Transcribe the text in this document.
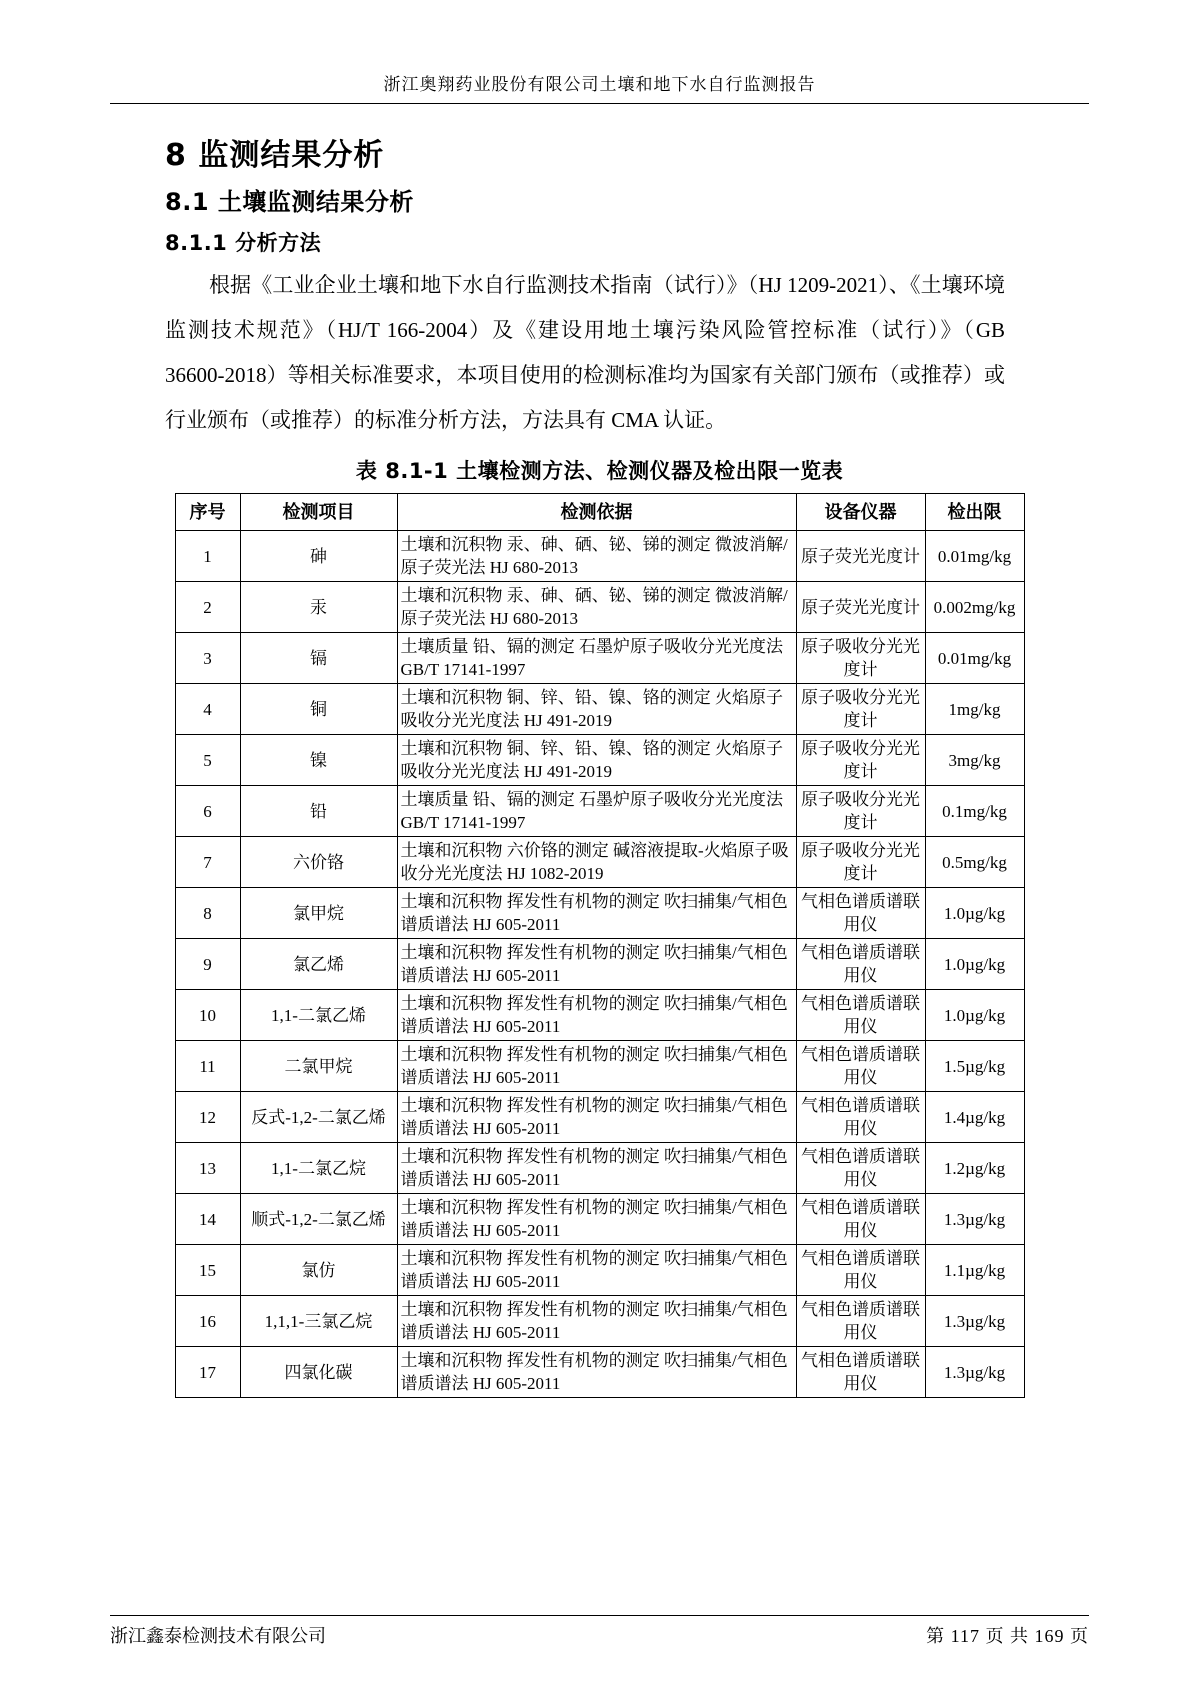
浙江奥翔药业股份有限公司土壤和地下水自行监测报告
8 监测结果分析
8.1 土壤监测结果分析
8.1.1 分析方法

根据《工业企业土壤和地下水自行监测技术指南（试行）》（HJ 1209-2021）、《土壤环境监测技术规范》（HJ/T 166-2004）及《建设用地土壤污染风险管控标准（试行）》（GB 36600-2018）等相关标准要求，本项目使用的检测标准均为国家有关部门颁布（或推荐）或行业颁布（或推荐）的标准分析方法，方法具有 CMA 认证。

表 8.1-1 土壤检测方法、检测仪器及检出限一览表
序号	检测项目	检测依据	设备仪器	检出限
1	砷	土壤和沉积物 汞、砷、硒、铋、锑的测定 微波消解/原子荧光法 HJ 680-2013	原子荧光光度计	0.01mg/kg
2	汞	土壤和沉积物 汞、砷、硒、铋、锑的测定 微波消解/原子荧光法 HJ 680-2013	原子荧光光度计	0.002mg/kg
3	镉	土壤质量 铅、镉的测定 石墨炉原子吸收分光光度法 GB/T 17141-1997	原子吸收分光光度计	0.01mg/kg
4	铜	土壤和沉积物 铜、锌、铅、镍、铬的测定 火焰原子吸收分光光度法 HJ 491-2019	原子吸收分光光度计	1mg/kg
5	镍	土壤和沉积物 铜、锌、铅、镍、铬的测定 火焰原子吸收分光光度法 HJ 491-2019	原子吸收分光光度计	3mg/kg
6	铅	土壤质量 铅、镉的测定 石墨炉原子吸收分光光度法 GB/T 17141-1997	原子吸收分光光度计	0.1mg/kg
7	六价铬	土壤和沉积物 六价铬的测定 碱溶液提取-火焰原子吸收分光光度法 HJ 1082-2019	原子吸收分光光度计	0.5mg/kg
8	氯甲烷	土壤和沉积物 挥发性有机物的测定 吹扫捕集/气相色谱质谱法 HJ 605-2011	气相色谱质谱联用仪	1.0µg/kg
9	氯乙烯	土壤和沉积物 挥发性有机物的测定 吹扫捕集/气相色谱质谱法 HJ 605-2011	气相色谱质谱联用仪	1.0µg/kg
10	1,1-二氯乙烯	土壤和沉积物 挥发性有机物的测定 吹扫捕集/气相色谱质谱法 HJ 605-2011	气相色谱质谱联用仪	1.0µg/kg
11	二氯甲烷	土壤和沉积物 挥发性有机物的测定 吹扫捕集/气相色谱质谱法 HJ 605-2011	气相色谱质谱联用仪	1.5µg/kg
12	反式-1,2-二氯乙烯	土壤和沉积物 挥发性有机物的测定 吹扫捕集/气相色谱质谱法 HJ 605-2011	气相色谱质谱联用仪	1.4µg/kg
13	1,1-二氯乙烷	土壤和沉积物 挥发性有机物的测定 吹扫捕集/气相色谱质谱法 HJ 605-2011	气相色谱质谱联用仪	1.2µg/kg
14	顺式-1,2-二氯乙烯	土壤和沉积物 挥发性有机物的测定 吹扫捕集/气相色谱质谱法 HJ 605-2011	气相色谱质谱联用仪	1.3µg/kg
15	氯仿	土壤和沉积物 挥发性有机物的测定 吹扫捕集/气相色谱质谱法 HJ 605-2011	气相色谱质谱联用仪	1.1µg/kg
16	1,1,1-三氯乙烷	土壤和沉积物 挥发性有机物的测定 吹扫捕集/气相色谱质谱法 HJ 605-2011	气相色谱质谱联用仪	1.3µg/kg
17	四氯化碳	土壤和沉积物 挥发性有机物的测定 吹扫捕集/气相色谱质谱法 HJ 605-2011	气相色谱质谱联用仪	1.3µg/kg
浙江鑫泰检测技术有限公司	第 117 页 共 169 页
